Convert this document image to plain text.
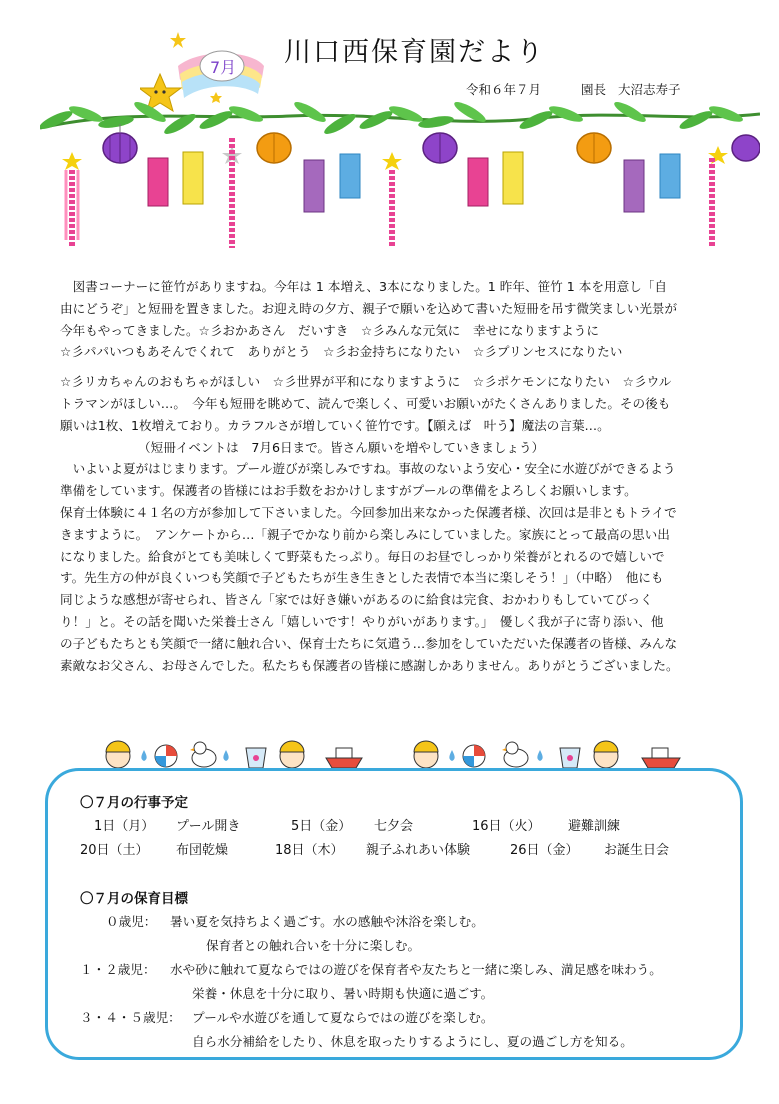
7月 川口西保育園だより
令和６年７月	園長 大沼志寿子

図書コーナーに笹竹がありますね。今年は 1 本増え、3本になりました。1 昨年、笹竹 1 本を用意し「自

由にどうぞ」と短冊を置きました。お迎え時の夕方、親子で願いを込めて書いた短冊を吊す微笑ましい光景が

今年もやってきました。☆彡おかあさん　だいすき　☆彡みんな元気に　幸せになりますように

☆彡パパいつもあそんでくれて　ありがとう　☆彡お金持ちになりたい　☆彡プリンセスになりたい

☆彡リカちゃんのおもちゃがほしい　☆彡世界が平和になりますように　☆彡ポケモンになりたい　☆彡ウル

トラマンがほしい…。　今年も短冊を眺めて、読んで楽しく、可愛いお願いがたくさんありました。その後も

願いは1枚、1枚増えており。カラフルさが増していく笹竹です。【願えば　叶う】魔法の言葉…。

（短冊イベントは　7月6日まで。皆さん願いを増やしていきましょう）

いよいよ夏がはじまります。プール遊びが楽しみですね。事故のないよう安心・安全に水遊びができるよう

準備をしています。保護者の皆様にはお手数をおかけしますがプールの準備をよろしくお願いします。

保育士体験に４１名の方が参加して下さいました。今回参加出来なかった保護者様、次回は是非ともトライで

きますように。　アンケートから…「親子でかなり前から楽しみにしていました。家族にとって最高の思い出

になりました。給食がとても美味しくて野菜もたっぷり。毎日のお昼でしっかり栄養がとれるので嬉しいで

す。先生方の仲が良くいつも笑顔で子どもたちが生き生きとした表情で本当に楽しそう！」（中略）　他にも

同じような感想が寄せられ、皆さん「家では好き嫌いがあるのに給食は完食、おかわりもしていてびっく

り！」と。その話を聞いた栄養士さん「嬉しいです！やりがいがあります。」　優しく我が子に寄り添い、他

の子どもたちとも笑顔で一緒に触れ合い、保育士たちに気遣う…参加をしていただいた保護者の皆様、みんな

素敵なお父さん、お母さんでした。私たちも保護者の皆様に感謝しかありません。ありがとうございました。

〇７月の行事予定
1日（月） プール開き	5日（金） 七夕会	16日（火） 避難訓練
20日（土） 布団乾燥	18日（木） 親子ふれあい体験	26日（金） お誕生日会
〇７月の保育目標
０歳児： 暑い夏を気持ちよく過ごす。水の感触や沐浴を楽しむ。
保育者との触れ合いを十分に楽しむ。
１・２歳児： 水や砂に触れて夏ならではの遊びを保育者や友たちと一緒に楽しみ、満足感を味わう。
栄養・休息を十分に取り、暑い時期も快適に過ごす。
３・４・５歳児： プールや水遊びを通して夏ならではの遊びを楽しむ。
自ら水分補給をしたり、休息を取ったりするようにし、夏の過ごし方を知る。
